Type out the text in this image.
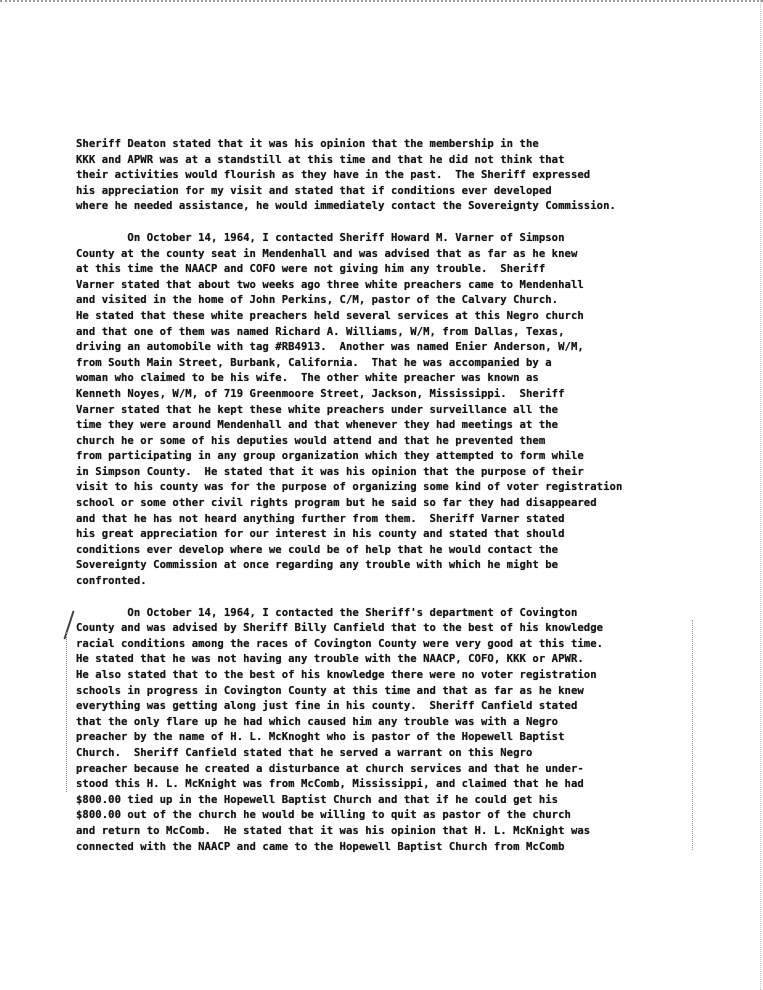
Sheriff Deaton stated that it was his opinion that the membership in the
KKK and APWR was at a standstill at this time and that he did not think that
their activities would flourish as they have in the past.  The Sheriff expressed
his appreciation for my visit and stated that if conditions ever developed
where he needed assistance, he would immediately contact the Sovereignty Commission.
On October 14, 1964, I contacted Sheriff Howard M. Varner of Simpson
County at the county seat in Mendenhall and was advised that as far as he knew
at this time the NAACP and COFO were not giving him any trouble.  Sheriff
Varner stated that about two weeks ago three white preachers came to Mendenhall
and visited in the home of John Perkins, C/M, pastor of the Calvary Church.
He stated that these white preachers held several services at this Negro church
and that one of them was named Richard A. Williams, W/M, from Dallas, Texas,
driving an automobile with tag #RB4913.  Another was named Enier Anderson, W/M,
from South Main Street, Burbank, California.  That he was accompanied by a
woman who claimed to be his wife.  The other white preacher was known as
Kenneth Noyes, W/M, of 719 Greenmoore Street, Jackson, Mississippi.  Sheriff
Varner stated that he kept these white preachers under surveillance all the
time they were around Mendenhall and that whenever they had meetings at the
church he or some of his deputies would attend and that he prevented them
from participating in any group organization which they attempted to form while
in Simpson County.  He stated that it was his opinion that the purpose of their
visit to his county was for the purpose of organizing some kind of voter registration
school or some other civil rights program but he said so far they had disappeared
and that he has not heard anything further from them.  Sheriff Varner stated
his great appreciation for our interest in his county and stated that should
conditions ever develop where we could be of help that he would contact the
Sovereignty Commission at once regarding any trouble with which he might be
confronted.
On October 14, 1964, I contacted the Sheriff's department of Covington
County and was advised by Sheriff Billy Canfield that to the best of his knowledge
racial conditions among the races of Covington County were very good at this time.
He stated that he was not having any trouble with the NAACP, COFO, KKK or APWR.
He also stated that to the best of his knowledge there were no voter registration
schools in progress in Covington County at this time and that as far as he knew
everything was getting along just fine in his county.  Sheriff Canfield stated
that the only flare up he had which caused him any trouble was with a Negro
preacher by the name of H. L. McKnoght who is pastor of the Hopewell Baptist
Church.  Sheriff Canfield stated that he served a warrant on this Negro
preacher because he created a disturbance at church services and that he under-
stood this H. L. McKnight was from McComb, Mississippi, and claimed that he had
$800.00 tied up in the Hopewell Baptist Church and that if he could get his
$800.00 out of the church he would be willing to quit as pastor of the church
and return to McComb.  He stated that it was his opinion that H. L. McKnight was
connected with the NAACP and came to the Hopewell Baptist Church from McComb
